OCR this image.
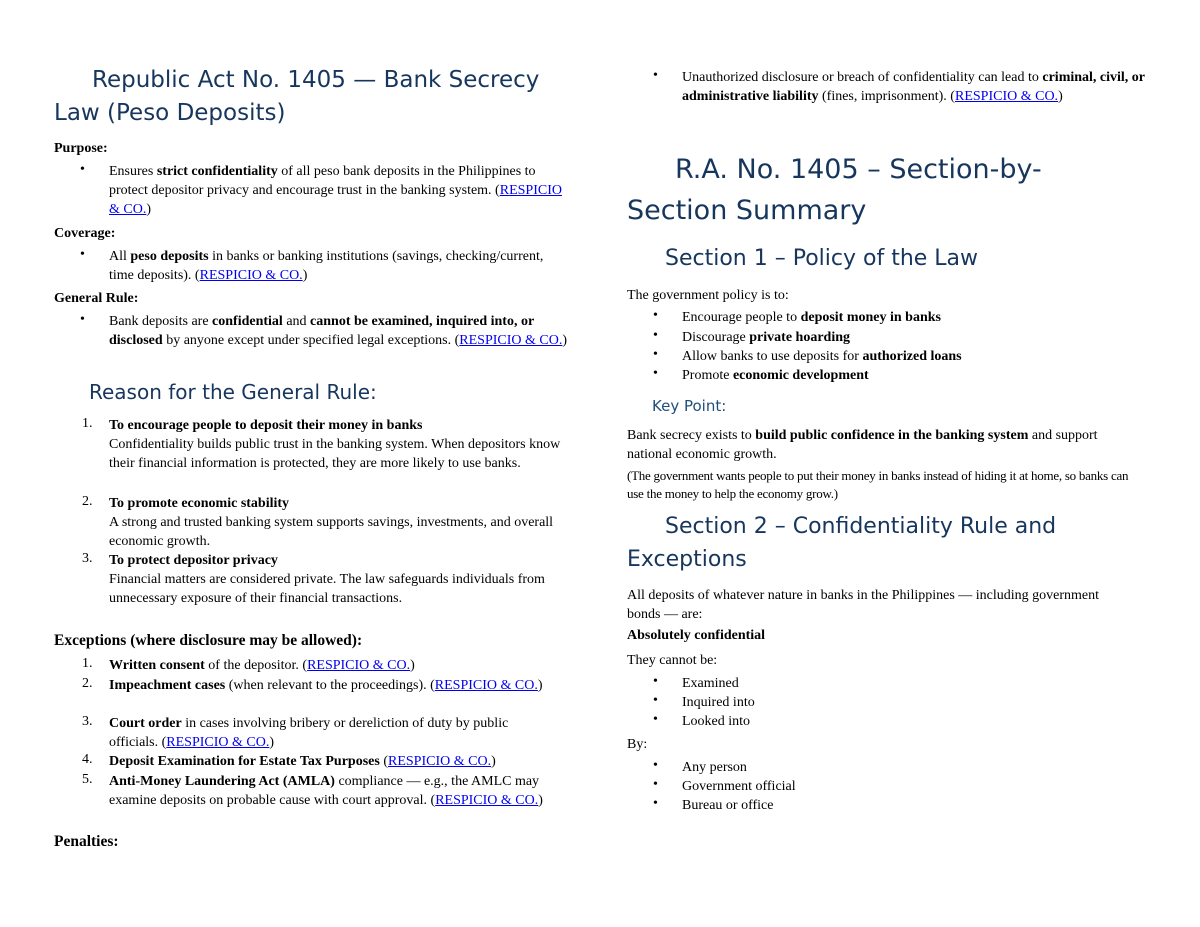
Republic Act No. 1405 — Bank Secrecy Law (Peso Deposits)
Purpose:
• Ensures strict confidentiality of all peso bank deposits in the Philippines to protect depositor privacy and encourage trust in the banking system. (RESPICIO & CO.)
Coverage:
• All peso deposits in banks or banking institutions (savings, checking/current, time deposits). (RESPICIO & CO.)
General Rule:
• Bank deposits are confidential and cannot be examined, inquired into, or disclosed by anyone except under specified legal exceptions. (RESPICIO & CO.)
Reason for the General Rule:
1. To encourage people to deposit their money in banks
Confidentiality builds public trust in the banking system. When depositors know their financial information is protected, they are more likely to use banks.
2. To promote economic stability
A strong and trusted banking system supports savings, investments, and overall economic growth.
3. To protect depositor privacy
Financial matters are considered private. The law safeguards individuals from unnecessary exposure of their financial transactions.
Exceptions (where disclosure may be allowed):
1. Written consent of the depositor. (RESPICIO & CO.)
2. Impeachment cases (when relevant to the proceedings). (RESPICIO & CO.)
3. Court order in cases involving bribery or dereliction of duty by public officials. (RESPICIO & CO.)
4. Deposit Examination for Estate Tax Purposes (RESPICIO & CO.)
5. Anti-Money Laundering Act (AMLA) compliance — e.g., the AMLC may examine deposits on probable cause with court approval. (RESPICIO & CO.)
Penalties:
• Unauthorized disclosure or breach of confidentiality can lead to criminal, civil, or administrative liability (fines, imprisonment). (RESPICIO & CO.)
R.A. No. 1405 – Section-by-Section Summary
Section 1 – Policy of the Law
The government policy is to:
• Encourage people to deposit money in banks
• Discourage private hoarding
• Allow banks to use deposits for authorized loans
• Promote economic development
Key Point:
Bank secrecy exists to build public confidence in the banking system and support national economic growth.
(The government wants people to put their money in banks instead of hiding it at home, so banks can use the money to help the economy grow.)
Section 2 – Confidentiality Rule and Exceptions
All deposits of whatever nature in banks in the Philippines — including government bonds — are:
Absolutely confidential
They cannot be:
• Examined
• Inquired into
• Looked into
By:
• Any person
• Government official
• Bureau or office
